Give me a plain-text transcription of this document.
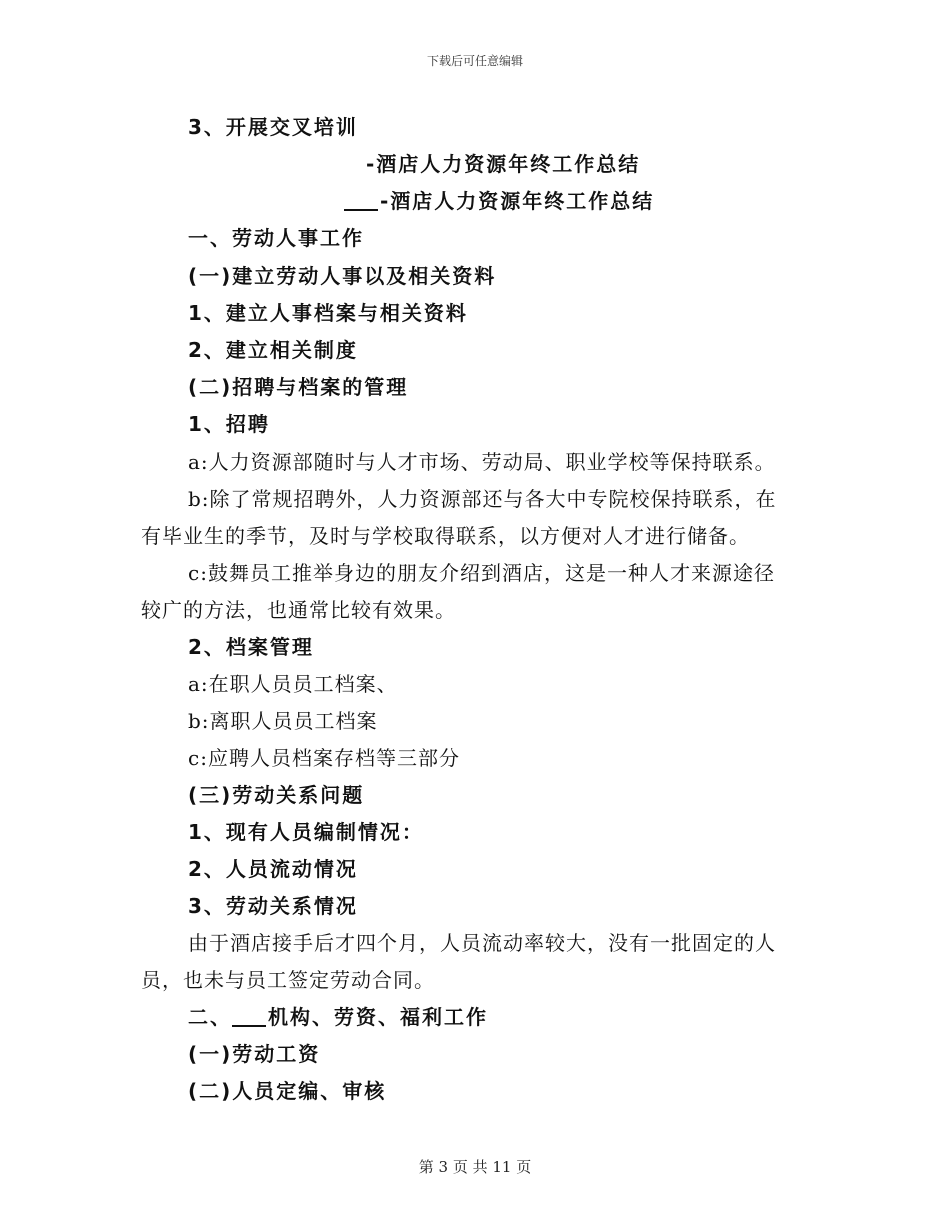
下载后可任意编辑
3、开展交叉培训
-酒店人力资源年终工作总结
-酒店人力资源年终工作总结
一、劳动人事工作
(一)建立劳动人事以及相关资料
1、建立人事档案与相关资料
2、建立相关制度
(二)招聘与档案的管理
1、招聘
a:人力资源部随时与人才市场、劳动局、职业学校等保持联系。
b:除了常规招聘外，人力资源部还与各大中专院校保持联系，在
有毕业生的季节，及时与学校取得联系，以方便对人才进行储备。
c:鼓舞员工推举身边的朋友介绍到酒店，这是一种人才来源途径
较广的方法，也通常比较有效果。
2、档案管理
a:在职人员员工档案、
b:离职人员员工档案
c:应聘人员档案存档等三部分
(三)劳动关系问题
1、现有人员编制情况：
2、人员流动情况
3、劳动关系情况
由于酒店接手后才四个月，人员流动率较大，没有一批固定的人
员，也未与员工签定劳动合同。
二、 机构、劳资、福利工作
(一)劳动工资
(二)人员定编、审核
第 3 页 共 11 页
